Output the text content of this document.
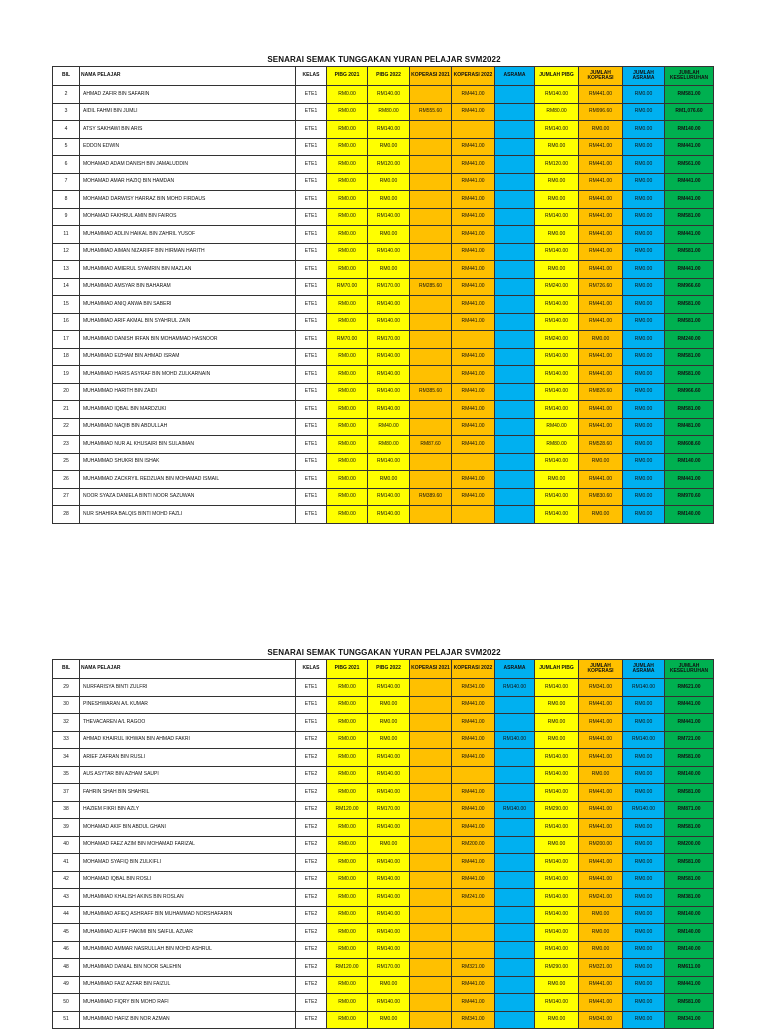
SENARAI SEMAK TUNGGAKAN YURAN PELAJAR SVM2022
BIL	NAMA PELAJAR	KELAS	PIBG 2021	PIBG 2022	KOPERASI 2021	KOPERASI 2022	ASRAMA	JUMLAH PIBG	JUMLAH KOPERASI	JUMLAH ASRAMA	JUMLAH KESELURUHAN
2	AHMAD ZAFIR BIN SAFARIN	ETE1	RM0.00	RM140.00		RM441.00		RM140.00	RM441.00	RM0.00	RM581.00
3	AIDIL FAHMI BIN JUMLI	ETE1	RM0.00	RM80.00	RM555.60	RM441.00		RM80.00	RM996.60	RM0.00	RM1,076.60
4	ATSY SAKHAWI BIN ARIS	ETE1	RM0.00	RM140.00				RM140.00	RM0.00	RM0.00	RM140.00
5	EDDON EDWIN	ETE1	RM0.00	RM0.00		RM441.00		RM0.00	RM441.00	RM0.00	RM441.00
6	MOHAMAD ADAM DANISH BIN JAMALUDDIN	ETE1	RM0.00	RM120.00		RM441.00		RM120.00	RM441.00	RM0.00	RM561.00
7	MOHAMAD AMAR HAZIQ BIN HAMDAN	ETE1	RM0.00	RM0.00		RM441.00		RM0.00	RM441.00	RM0.00	RM441.00
8	MOHAMAD DARWISY HARRAZ BIN MOHD FIRDAUS	ETE1	RM0.00	RM0.00		RM441.00		RM0.00	RM441.00	RM0.00	RM441.00
9	MOHAMAD FAKHRUL AMIN BIN FAIROS	ETE1	RM0.00	RM140.00		RM441.00		RM140.00	RM441.00	RM0.00	RM581.00
11	MUHAMMAD ADLIN HAIKAL BIN ZAHRIL YUSOF	ETE1	RM0.00	RM0.00		RM441.00		RM0.00	RM441.00	RM0.00	RM441.00
12	MUHAMMAD AIMAN NIZARIFF BIN HIRMAN HARITH	ETE1	RM0.00	RM140.00		RM441.00		RM140.00	RM441.00	RM0.00	RM581.00
13	MUHAMMAD AMIERUL SYAMRIN BIN MAZLAN	ETE1	RM0.00	RM0.00		RM441.00		RM0.00	RM441.00	RM0.00	RM441.00
14	MUHAMMAD AMSYAR BIN BAHARAM	ETE1	RM70.00	RM170.00	RM285.60	RM441.00		RM240.00	RM726.60	RM0.00	RM966.60
15	MUHAMMAD ANIQ ANWA BIN SABERI	ETE1	RM0.00	RM140.00		RM441.00		RM140.00	RM441.00	RM0.00	RM581.00
16	MUHAMMAD ARIF AKMAL BIN SYAHRUL ZAIN	ETE1	RM0.00	RM140.00		RM441.00		RM140.00	RM441.00	RM0.00	RM581.00
17	MUHAMMAD DANISH IRFAN BIN MOHAMMAD HASNOOR	ETE1	RM70.00	RM170.00				RM240.00	RM0.00	RM0.00	RM240.00
18	MUHAMMAD EIZHAM BIN AHMAD ISRAM	ETE1	RM0.00	RM140.00		RM441.00		RM140.00	RM441.00	RM0.00	RM581.00
19	MUHAMMAD HARIS ASYRAF BIN MOHD ZULKARNAIN	ETE1	RM0.00	RM140.00		RM441.00		RM140.00	RM441.00	RM0.00	RM581.00
20	MUHAMMAD HARITH BIN ZAIDI	ETE1	RM0.00	RM140.00	RM385.60	RM441.00		RM140.00	RM826.60	RM0.00	RM966.60
21	MUHAMMAD IQBAL BIN MARDZUKI	ETE1	RM0.00	RM140.00		RM441.00		RM140.00	RM441.00	RM0.00	RM581.00
22	MUHAMMAD NAQIB BIN ABDULLAH	ETE1	RM0.00	RM40.00		RM441.00		RM40.00	RM441.00	RM0.00	RM481.00
23	MUHAMMAD NUR AL KHUSAIRI BIN SULAIMAN	ETE1	RM0.00	RM80.00	RM87.60	RM441.00		RM80.00	RM528.60	RM0.00	RM608.60
25	MUHAMMAD SHUKRI BIN ISHAK	ETE1	RM0.00	RM140.00				RM140.00	RM0.00	RM0.00	RM140.00
26	MUHAMMAD ZACKRYIL REDZUAN BIN MOHAMAD ISMAIL	ETE1	RM0.00	RM0.00		RM441.00		RM0.00	RM441.00	RM0.00	RM441.00
27	NOOR SYAZA DANIELA BINTI NOOR SAZUWAN	ETE1	RM0.00	RM140.00	RM389.60	RM441.00		RM140.00	RM830.60	RM0.00	RM970.60
28	NUR SHAHIRA BALQIS BINTI MOHD FAZLI	ETE1	RM0.00	RM140.00				RM140.00	RM0.00	RM0.00	RM140.00
SENARAI SEMAK TUNGGAKAN YURAN PELAJAR SVM2022
BIL	NAMA PELAJAR	KELAS	PIBG 2021	PIBG 2022	KOPERASI 2021	KOPERASI 2022	ASRAMA	JUMLAH PIBG	JUMLAH KOPERASI	JUMLAH ASRAMA	JUMLAH KESELURUHAN
29	NURFARISYA BINTI ZULFRI	ETE1	RM0.00	RM140.00		RM341.00	RM140.00	RM140.00	RM341.00	RM140.00	RM621.00
30	PINESHWARAN A/L KUMAR	ETE1	RM0.00	RM0.00		RM441.00		RM0.00	RM441.00	RM0.00	RM441.00
32	THEVACAREN A/L RAGOO	ETE1	RM0.00	RM0.00		RM441.00		RM0.00	RM441.00	RM0.00	RM441.00
33	AHMAD KHAIRUL IKHWAN BIN AHMAD FAKRI	ETE2	RM0.00	RM0.00		RM441.00	RM140.00	RM0.00	RM441.00	RM140.00	RM721.00
34	ARIEF ZAFRAN BIN RUSLI	ETE2	RM0.00	RM140.00		RM441.00		RM140.00	RM441.00	RM0.00	RM581.00
35	AUS ASYTAR BIN AZHAM SAUPI	ETE2	RM0.00	RM140.00				RM140.00	RM0.00	RM0.00	RM140.00
37	FAHRIN SHAH BIN SHAHRIL	ETE2	RM0.00	RM140.00		RM441.00		RM140.00	RM441.00	RM0.00	RM581.00
38	HAZIEM FIKRI BIN AZLY	ETE2	RM120.00	RM170.00		RM441.00	RM140.00	RM290.00	RM441.00	RM140.00	RM871.00
39	MOHAMAD AKIF BIN ABDUL GHANI	ETE2	RM0.00	RM140.00		RM441.00		RM140.00	RM441.00	RM0.00	RM581.00
40	MOHAMAD FAEZ AZIM BIN MOHAMAD FARIZAL	ETE2	RM0.00	RM0.00		RM200.00		RM0.00	RM200.00	RM0.00	RM200.00
41	MOHAMAD SYAFIQ BIN ZULKIFLI	ETE2	RM0.00	RM140.00		RM441.00		RM140.00	RM441.00	RM0.00	RM581.00
42	MOHAMAD IQBAL BIN ROSLI	ETE2	RM0.00	RM140.00		RM441.00		RM140.00	RM441.00	RM0.00	RM581.00
43	MUHAMMAD KHALISH AKINS BIN ROSLAN	ETE2	RM0.00	RM140.00		RM241.00		RM140.00	RM241.00	RM0.00	RM381.00
44	MUHAMMAD AFIEQ ASHRAFF BIN MUHAMMAD NORSHAFARIN	ETE2	RM0.00	RM140.00				RM140.00	RM0.00	RM0.00	RM140.00
45	MUHAMMAD ALIFF HAKIMI BIN SAIFUL AZUAR	ETE2	RM0.00	RM140.00				RM140.00	RM0.00	RM0.00	RM140.00
46	MUHAMMAD AMMAR NASRULLAH BIN MOHD ASHRUL	ETE2	RM0.00	RM140.00				RM140.00	RM0.00	RM0.00	RM140.00
48	MUHAMMAD DANIAL BIN NOOR SALEHIN	ETE2	RM120.00	RM170.00		RM321.00		RM290.00	RM321.00	RM0.00	RM611.00
49	MUHAMMAD FAIZ AZFAR BIN FAIZUL	ETE2	RM0.00	RM0.00		RM441.00		RM0.00	RM441.00	RM0.00	RM441.00
50	MUHAMMAD FIQRY BIN MOHD RAFI	ETE2	RM0.00	RM140.00		RM441.00		RM140.00	RM441.00	RM0.00	RM581.00
51	MUHAMMAD HAFIZ BIN NOR AZMAN	ETE2	RM0.00	RM0.00		RM341.00		RM0.00	RM341.00	RM0.00	RM341.00
